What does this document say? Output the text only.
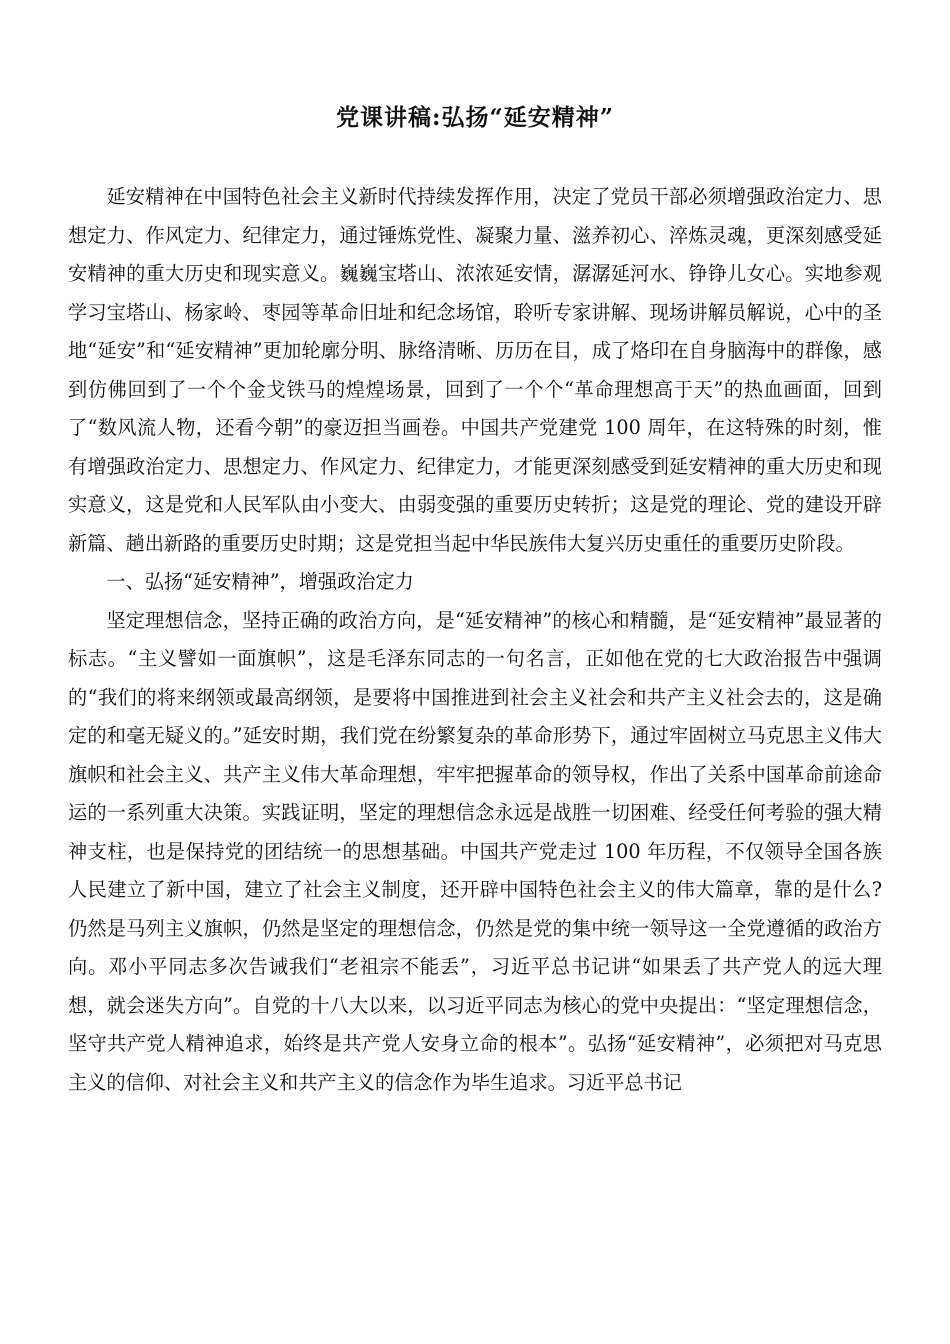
党课讲稿:弘扬“延安精神”

延安精神在中国特色社会主义新时代持续发挥作用，决定了党员干部必须增强政治定力、思想定力、作风定力、纪律定力，通过锤炼党性、凝聚力量、滋养初心、淬炼灵魂，更深刻感受延安精神的重大历史和现实意义。巍巍宝塔山、浓浓延安情，潺潺延河水、铮铮儿女心。实地参观学习宝塔山、杨家岭、枣园等革命旧址和纪念场馆，聆听专家讲解、现场讲解员解说，心中的圣地“延安”和“延安精神”更加轮廓分明、脉络清晰、历历在目，成了烙印在自身脑海中的群像，感到仿佛回到了一个个金戈铁马的煌煌场景，回到了一个个“革命理想高于天”的热血画面，回到了“数风流人物，还看今朝”的豪迈担当画卷。中国共产党建党 100 周年，在这特殊的时刻，惟有增强政治定力、思想定力、作风定力、纪律定力，才能更深刻感受到延安精神的重大历史和现实意义，这是党和人民军队由小变大、由弱变强的重要历史转折；这是党的理论、党的建设开辟新篇、趟出新路的重要历史时期；这是党担当起中华民族伟大复兴历史重任的重要历史阶段。

一、弘扬“延安精神”，增强政治定力

坚定理想信念，坚持正确的政治方向，是“延安精神”的核心和精髓，是“延安精神”最显著的标志。“主义譬如一面旗帜”，这是毛泽东同志的一句名言，正如他在党的七大政治报告中强调的“我们的将来纲领或最高纲领，是要将中国推进到社会主义社会和共产主义社会去的，这是确定的和毫无疑义的。”延安时期，我们党在纷繁复杂的革命形势下，通过牢固树立马克思主义伟大旗帜和社会主义、共产主义伟大革命理想，牢牢把握革命的领导权，作出了关系中国革命前途命运的一系列重大决策。实践证明，坚定的理想信念永远是战胜一切困难、经受任何考验的强大精神支柱，也是保持党的团结统一的思想基础。中国共产党走过 100 年历程，不仅领导全国各族人民建立了新中国，建立了社会主义制度，还开辟中国特色社会主义的伟大篇章，靠的是什么?仍然是马列主义旗帜，仍然是坚定的理想信念，仍然是党的集中统一领导这一全党遵循的政治方向。邓小平同志多次告诫我们“老祖宗不能丢”，习近平总书记讲“如果丢了共产党人的远大理想，就会迷失方向”。自党的十八大以来，以习近平同志为核心的党中央提出：“坚定理想信念，坚守共产党人精神追求，始终是共产党人安身立命的根本”。弘扬“延安精神”，必须把对马克思主义的信仰、对社会主义和共产主义的信念作为毕生追求。习近平总书记
